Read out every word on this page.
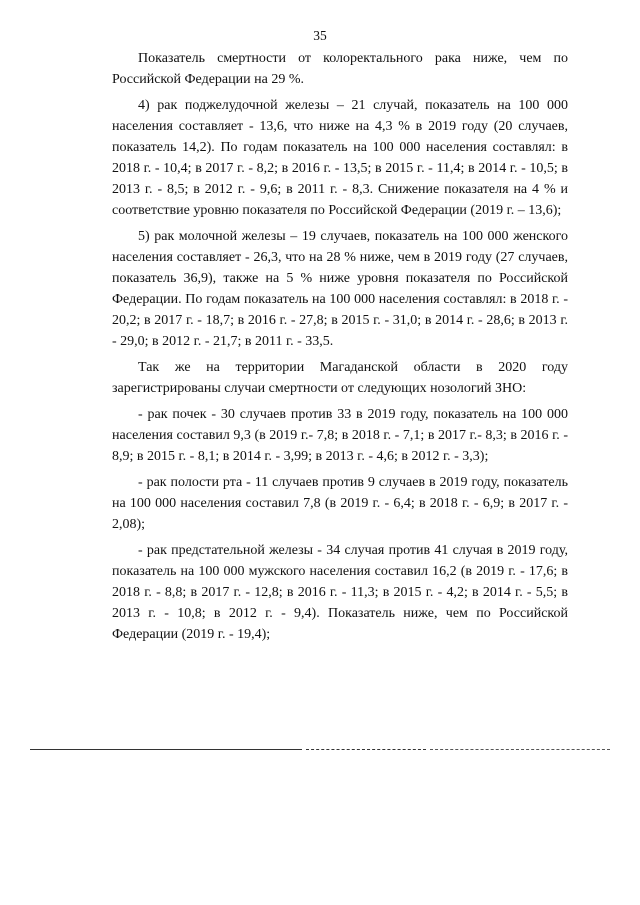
35

Показатель смертности от колоректального рака ниже, чем по Российской Федерации на 29 %.

4) рак поджелудочной железы – 21 случай, показатель на 100 000 населения составляет - 13,6, что ниже на 4,3 % в 2019 году (20 случаев, показатель 14,2). По годам показатель на 100 000 населения составлял: в 2018 г. - 10,4; в 2017 г. - 8,2; в 2016 г. - 13,5; в 2015 г. - 11,4; в 2014 г. - 10,5; в 2013 г. - 8,5; в 2012 г. - 9,6; в 2011 г. - 8,3. Снижение показателя на 4 % и соответствие уровню показателя по Российской Федерации (2019 г. – 13,6);

5) рак молочной железы – 19 случаев, показатель на 100 000 женского населения составляет - 26,3, что на 28 % ниже, чем в 2019 году (27 случаев, показатель 36,9), также на 5 % ниже уровня показателя по Российской Федерации. По годам показатель на 100 000 населения составлял: в 2018 г. - 20,2; в 2017 г. - 18,7; в 2016 г. - 27,8; в 2015 г. - 31,0; в 2014 г. - 28,6; в 2013 г. - 29,0; в 2012 г. - 21,7; в 2011 г. - 33,5.

Так же на территории Магаданской области в 2020 году зарегистрированы случаи смертности от следующих нозологий ЗНО:

- рак почек - 30 случаев против 33 в 2019 году, показатель на 100 000 населения составил 9,3 (в 2019 г.- 7,8; в 2018 г. - 7,1; в 2017 г.- 8,3; в 2016 г. - 8,9; в 2015 г. - 8,1; в 2014 г. - 3,99; в 2013 г. - 4,6; в 2012 г. - 3,3);

- рак полости рта - 11 случаев против 9 случаев в 2019 году, показатель на 100 000 населения составил 7,8 (в 2019 г. - 6,4; в 2018 г. - 6,9; в 2017 г. - 2,08);

- рак предстательной железы - 34 случая против 41 случая в 2019 году, показатель на 100 000 мужского населения составил 16,2 (в 2019 г. - 17,6; в 2018 г. - 8,8; в 2017 г. - 12,8; в 2016 г. - 11,3; в 2015 г. - 4,2; в 2014 г. - 5,5; в 2013 г. - 10,8; в 2012 г. - 9,4). Показатель ниже, чем по Российской Федерации (2019 г. - 19,4);
